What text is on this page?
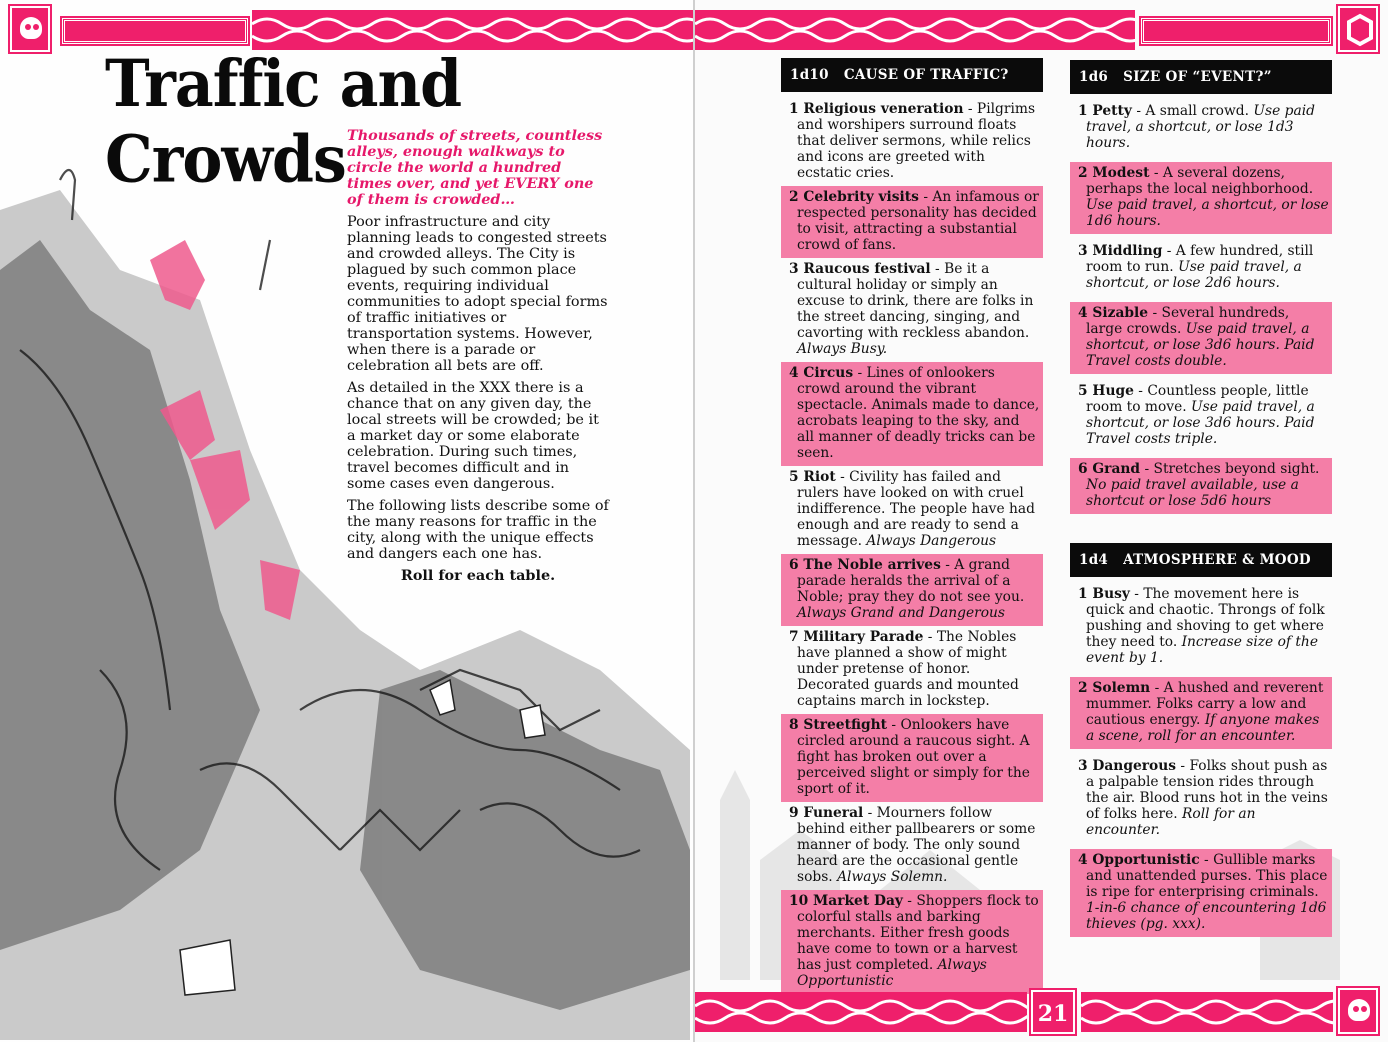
Traffic and Crowds Thousands of streets, countless alleys, enough walkways to circle the world a hundred times over, and yet EVERY one of them is crowded…

Poor infrastructure and city planning leads to congested streets and crowded alleys. The City is plagued by such common place events, requiring individual communities to adopt special forms of traffic initiatives or transportation systems. However, when there is a parade or celebration all bets are off.

As detailed in the XXX there is a chance that on any given day, the local streets will be crowded; be it a market day or some elaborate celebration. During such times, travel becomes difficult and in some cases even dangerous.

The following lists describe some of the many reasons for traffic in the city, along with the unique effects and dangers each one has.

Roll for each table.

1d10 CAUSE OF TRAFFIC?
1 Religious veneration - Pilgrims and worshipers surround floats that deliver sermons, while relics and icons are greeted with ecstatic cries.
2 Celebrity visits - An infamous or respected personality has decided to visit, attracting a substantial crowd of fans.
3 Raucous festival - Be it a cultural holiday or simply an excuse to drink, there are folks in the street dancing, singing, and cavorting with reckless abandon. Always Busy.
4 Circus - Lines of onlookers crowd around the vibrant spectacle. Animals made to dance, acrobats leaping to the sky, and all manner of deadly tricks can be seen.
5 Riot - Civility has failed and rulers have looked on with cruel indifference. The people have had enough and are ready to send a message. Always Dangerous
6 The Noble arrives - A grand parade heralds the arrival of a Noble; pray they do not see you. Always Grand and Dangerous
7 Military Parade - The Nobles have planned a show of might under pretense of honor. Decorated guards and mounted captains march in lockstep.
8 Streetfight - Onlookers have circled around a raucous sight. A fight has broken out over a perceived slight or simply for the sport of it.
9 Funeral - Mourners follow behind either pallbearers or some manner of body. The only sound heard are the occasional gentle sobs. Always Solemn.
10 Market Day - Shoppers flock to colorful stalls and barking merchants. Either fresh goods have come to town or a harvest has just completed. Always Opportunistic
1d6 SIZE OF “EVENT?”
1 Petty - A small crowd. Use paid travel, a shortcut, or lose 1d3 hours.
2 Modest - A several dozens, perhaps the local neighborhood. Use paid travel, a shortcut, or lose 1d6 hours.
3 Middling - A few hundred, still room to run. Use paid travel, a shortcut, or lose 2d6 hours.
4 Sizable - Several hundreds, large crowds. Use paid travel, a shortcut, or lose 3d6 hours. Paid Travel costs double.
5 Huge - Countless people, little room to move. Use paid travel, a shortcut, or lose 3d6 hours. Paid Travel costs triple.
6 Grand - Stretches beyond sight. No paid travel available, use a shortcut or lose 5d6 hours
1d4 ATMOSPHERE & MOOD
1 Busy - The movement here is quick and chaotic. Throngs of folk pushing and shoving to get where they need to. Increase size of the event by 1.
2 Solemn - A hushed and reverent mummer. Folks carry a low and cautious energy. If anyone makes a scene, roll for an encounter.
3 Dangerous - Folks shout push as a palpable tension rides through the air. Blood runs hot in the veins of folks here. Roll for an encounter.
4 Opportunistic - Gullible marks and unattended purses. This place is ripe for enterprising criminals. 1-in-6 chance of encountering 1d6 thieves (pg. xxx).
21
